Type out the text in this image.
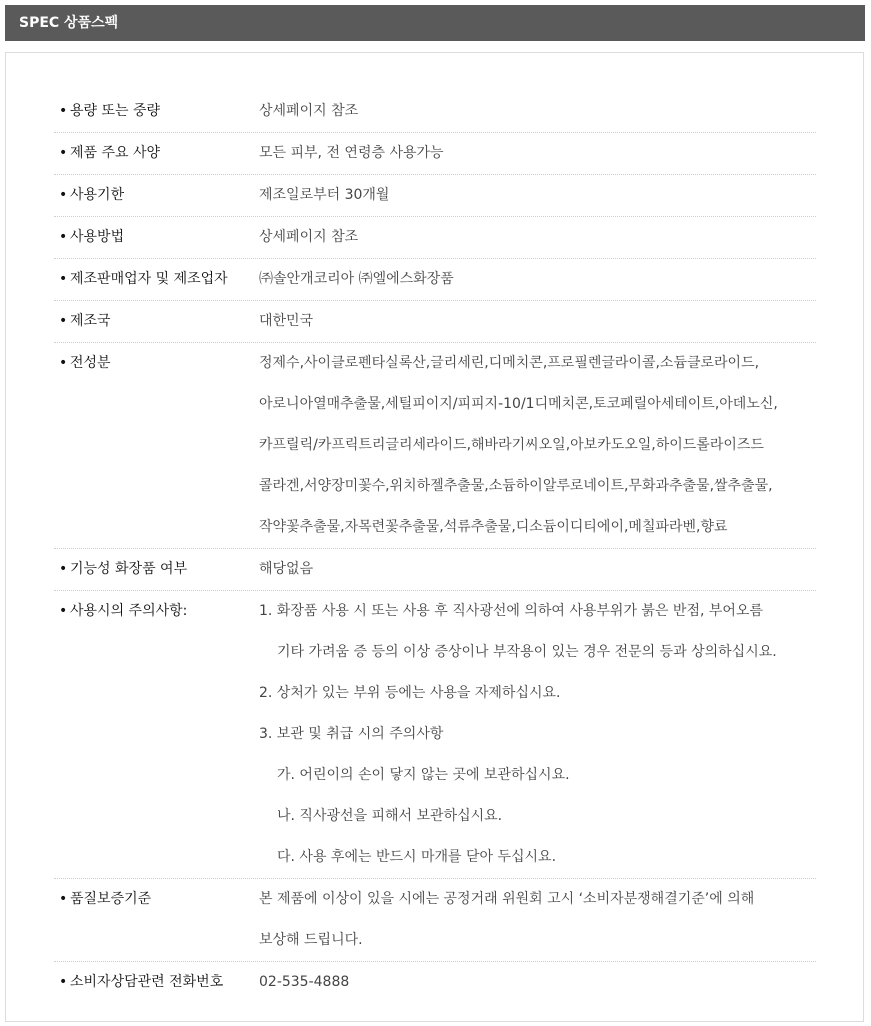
SPEC 상품스펙
• 용량 또는 중량	상세페이지 참조
• 제품 주요 사양	모든 피부, 전 연령층 사용가능
• 사용기한	제조일로부터 30개월
• 사용방법	상세페이지 참조
• 제조판매업자 및 제조업자	㈜솔안개코리아 ㈜엘에스화장품
• 제조국	대한민국
• 전성분	정제수,사이클로펜타실록산,글리세린,디메치콘,프로필렌글라이콜,소듐클로라이드,
아로니아열매추출물,세틸피이지/피피지-10/1디메치콘,토코페릴아세테이트,아데노신,
카프릴릭/카프릭트리글리세라이드,해바라기씨오일,아보카도오일,하이드롤라이즈드
콜라겐,서양장미꽃수,위치하젤추출물,소듐하이알루로네이트,무화과추출물,쌀추출물,
작약꽃추출물,자목련꽃추출물,석류추출물,디소듐이디티에이,메칠파라벤,향료
• 기능성 화장품 여부	해당없음
• 사용시의 주의사항:	1. 화장품 사용 시 또는 사용 후 직사광선에 의하여 사용부위가 붉은 반점, 부어오름
기타 가려움 증 등의 이상 증상이나 부작용이 있는 경우 전문의 등과 상의하십시요.
2. 상처가 있는 부위 등에는 사용을 자제하십시요.
3. 보관 및 취급 시의 주의사항
가. 어린이의 손이 닿지 않는 곳에 보관하십시요.
나. 직사광선을 피해서 보관하십시요.
다. 사용 후에는 반드시 마개를 닫아 두십시요.
• 품질보증기준	본 제품에 이상이 있을 시에는 공정거래 위원회 고시 ‘소비자분쟁해결기준’에 의해
보상해 드립니다.
• 소비자상담관련 전화번호	02-535-4888
